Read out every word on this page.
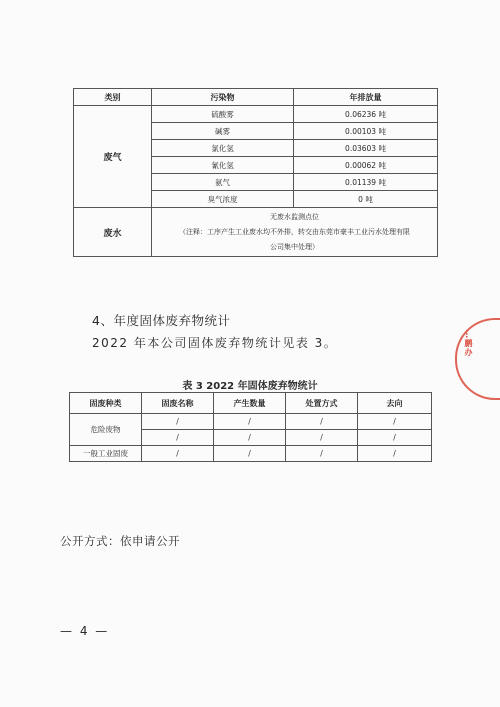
类别	污染物	年排放量
废气	硫酸雾	0.06236 吨
	碱雾	0.00103 吨
	氯化氢	0.03603 吨
	氰化氢	0.00062 吨
	氨气	0.01139 吨
	臭气浓度	0 吨
废水	无废水监测点位
（注释：工序产生工业废水均不外排，转交由东莞市豪丰工业污水处理有限
公司集中处理）	
4、年度固体废弃物统计
2022 年本公司固体废弃物统计见表 3。
表 3 2022 年固体废弃物统计
固废种类	固废名称	产生数量	处置方式	去向
危险废物	/	/	/	/
	/	/	/	/
一般工业固废	/	/	/	/
公开方式：依申请公开
— 4 —
…鹏办
